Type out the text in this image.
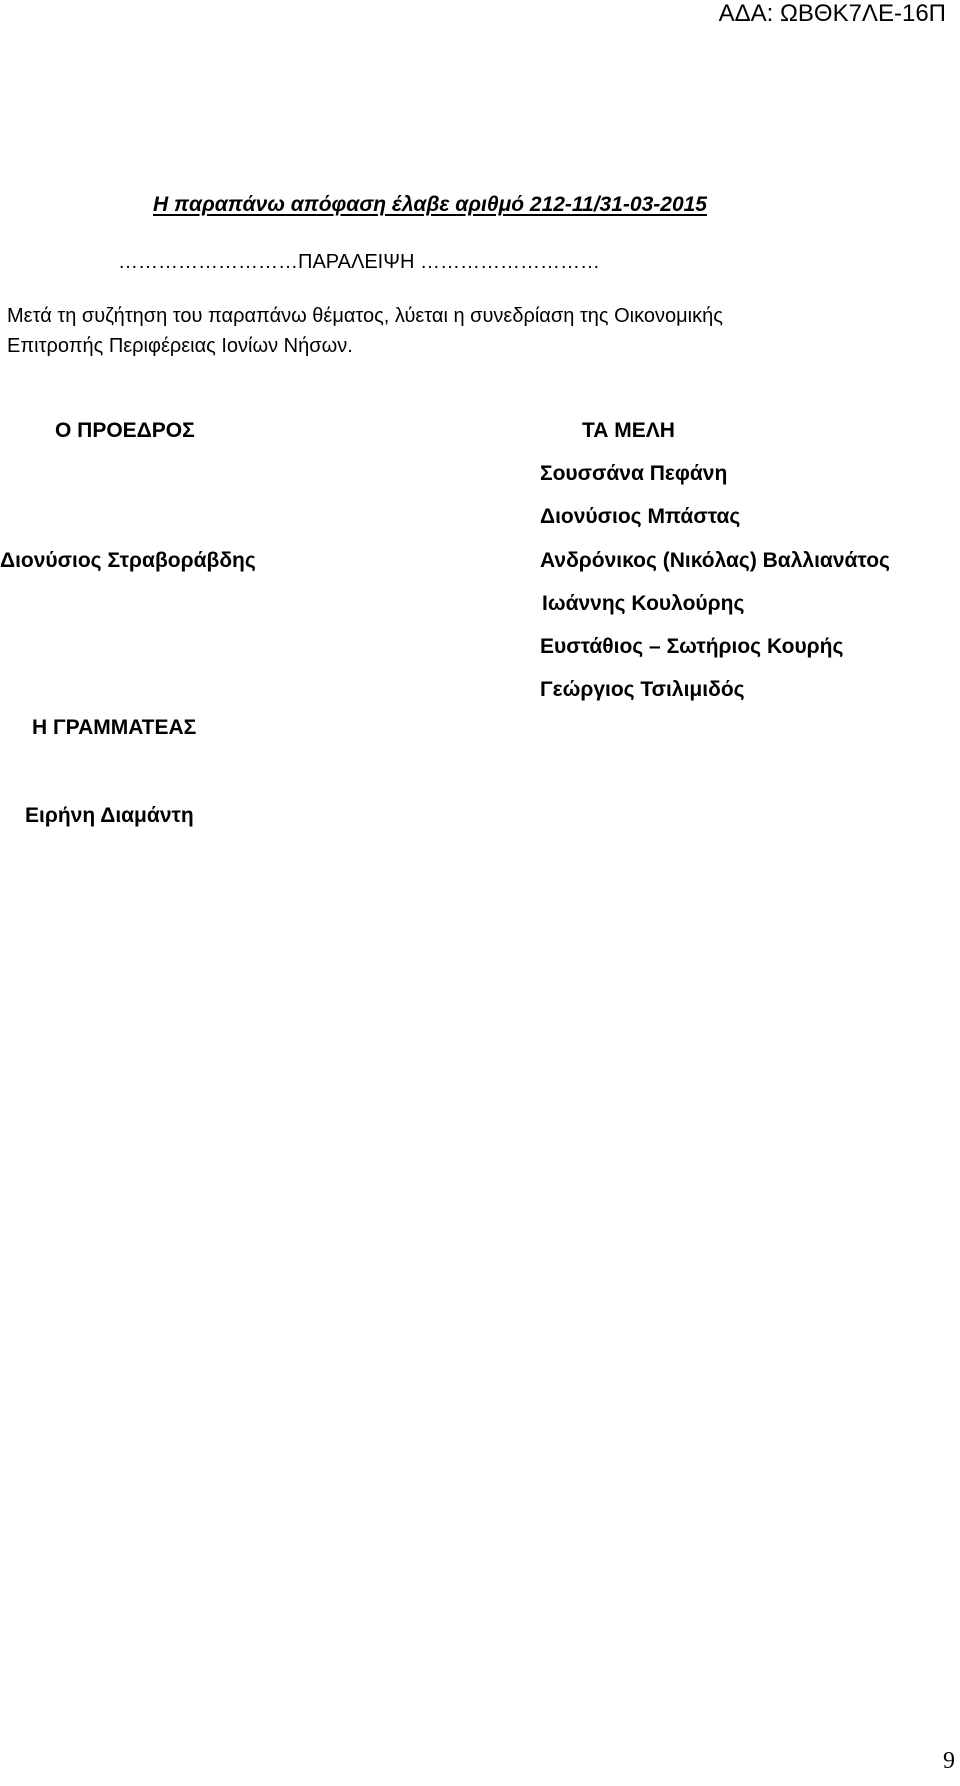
ΑΔΑ: ΩΒΘΚ7ΛΕ-16Π
Η παραπάνω απόφαση έλαβε αριθμό 212-11/31-03-2015
………………………ΠΑΡΑΛΕΙΨΗ ………………………
Μετά τη συζήτηση του παραπάνω θέματος, λύεται η συνεδρίαση της Οικονομικής
Επιτροπής Περιφέρειας Ιονίων Νήσων.
Ο ΠΡΟΕΔΡΟΣ
Διονύσιος Στραβοράβδης
Η ΓΡΑΜΜΑΤΕΑΣ
Ειρήνη Διαμάντη
ΤΑ ΜΕΛΗ
Σουσσάνα Πεφάνη
Διονύσιος Μπάστας
Ανδρόνικος (Νικόλας) Βαλλιανάτος
Ιωάννης Κουλούρης
Ευστάθιος – Σωτήριος Κουρής
Γεώργιος Τσιλιμιδός
9
